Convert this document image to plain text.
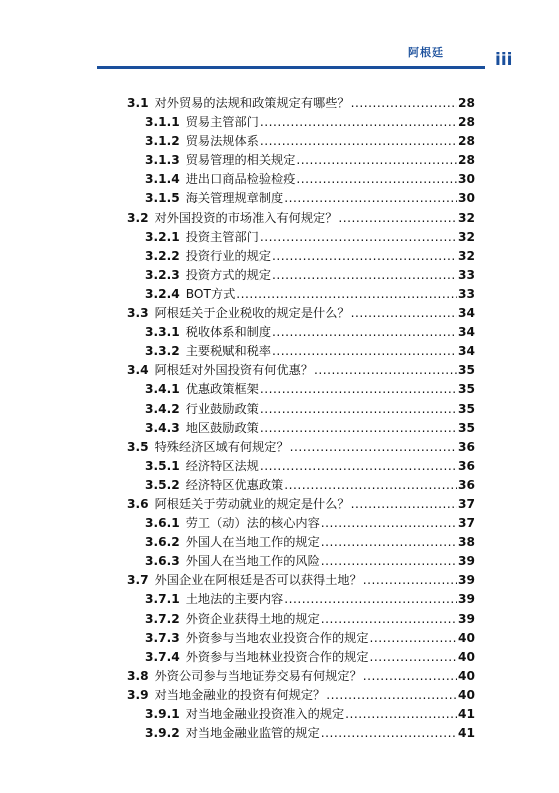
阿根廷	iii
3.1 对外贸易的法规和政策规定有哪些？ .....	28
3.1.1 贸易主管部门 .....	28
3.1.2 贸易法规体系 .....	28
3.1.3 贸易管理的相关规定 .....	28
3.1.4 进出口商品检验检疫 .....	30
3.1.5 海关管理规章制度 .....	30
3.2 对外国投资的市场准入有何规定？ .....	32
3.2.1 投资主管部门 .....	32
3.2.2 投资行业的规定 .....	32
3.2.3 投资方式的规定 .....	33
3.2.4 BOT方式 .....	33
3.3 阿根廷关于企业税收的规定是什么？ .....	34
3.3.1 税收体系和制度 .....	34
3.3.2 主要税赋和税率 .....	34
3.4 阿根廷对外国投资有何优惠？ .....	35
3.4.1 优惠政策框架 .....	35
3.4.2 行业鼓励政策 .....	35
3.4.3 地区鼓励政策 .....	35
3.5 特殊经济区域有何规定？ .....	36
3.5.1 经济特区法规 .....	36
3.5.2 经济特区优惠政策 .....	36
3.6 阿根廷关于劳动就业的规定是什么？ .....	37
3.6.1 劳工（动）法的核心内容 .....	37
3.6.2 外国人在当地工作的规定 .....	38
3.6.3 外国人在当地工作的风险 .....	39
3.7 外国企业在阿根廷是否可以获得土地？ .....	39
3.7.1 土地法的主要内容 .....	39
3.7.2 外资企业获得土地的规定 .....	39
3.7.3 外资参与当地农业投资合作的规定 .....	40
3.7.4 外资参与当地林业投资合作的规定 .....	40
3.8 外资公司参与当地证券交易有何规定？ .....	40
3.9 对当地金融业的投资有何规定？ .....	40
3.9.1 对当地金融业投资准入的规定 .....	41
3.9.2 对当地金融业监管的规定 .....	41
